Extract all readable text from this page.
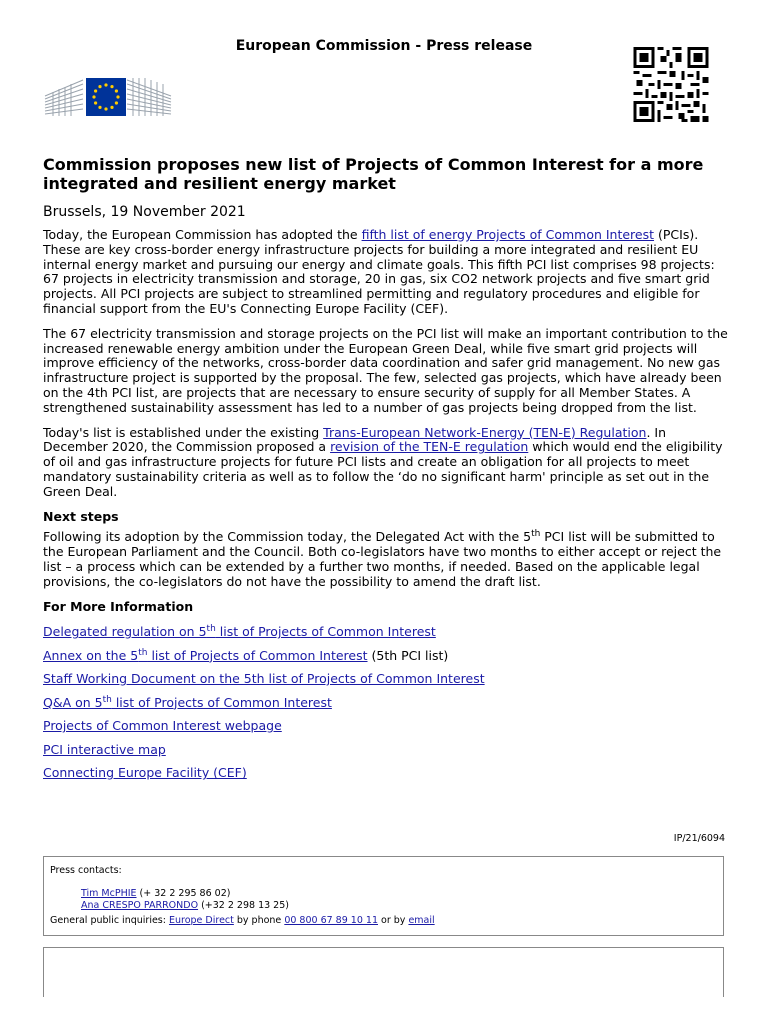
European Commission - Press release
Commission proposes new list of Projects of Common Interest for a more integrated and resilient energy market
Brussels, 19 November 2021

Today, the European Commission has adopted the fifth list of energy Projects of Common Interest (PCIs). These are key cross-border energy infrastructure projects for building a more integrated and resilient EU internal energy market and pursuing our energy and climate goals. This fifth PCI list comprises 98 projects: 67 projects in electricity transmission and storage, 20 in gas, six CO2 network projects and five smart grid projects. All PCI projects are subject to streamlined permitting and regulatory procedures and eligible for financial support from the EU's Connecting Europe Facility (CEF).

The 67 electricity transmission and storage projects on the PCI list will make an important contribution to the increased renewable energy ambition under the European Green Deal, while five smart grid projects will improve efficiency of the networks, cross-border data coordination and safer grid management. No new gas infrastructure project is supported by the proposal. The few, selected gas projects, which have already been on the 4th PCI list, are projects that are necessary to ensure security of supply for all Member States. A strengthened sustainability assessment has led to a number of gas projects being dropped from the list.

Today's list is established under the existing Trans-European Network-Energy (TEN-E) Regulation. In December 2020, the Commission proposed a revision of the TEN-E regulation which would end the eligibility of oil and gas infrastructure projects for future PCI lists and create an obligation for all projects to meet mandatory sustainability criteria as well as to follow the ‘do no significant harm' principle as set out in the Green Deal.

Next steps

Following its adoption by the Commission today, the Delegated Act with the 5th PCI list will be submitted to the European Parliament and the Council. Both co-legislators have two months to either accept or reject the list – a process which can be extended by a further two months, if needed. Based on the applicable legal provisions, the co-legislators do not have the possibility to amend the draft list.

For More Information

Delegated regulation on 5th list of Projects of Common Interest

Annex on the 5th list of Projects of Common Interest (5th PCI list)

Staff Working Document on the 5th list of Projects of Common Interest

Q&A on 5th list of Projects of Common Interest

Projects of Common Interest webpage

PCI interactive map

Connecting Europe Facility (CEF)

IP/21/6094
Press contacts:
Tim McPHIE (+ 32 2 295 86 02)
Ana CRESPO PARRONDO (+32 2 298 13 25)
General public inquiries: Europe Direct by phone 00 800 67 89 10 11 or by email
